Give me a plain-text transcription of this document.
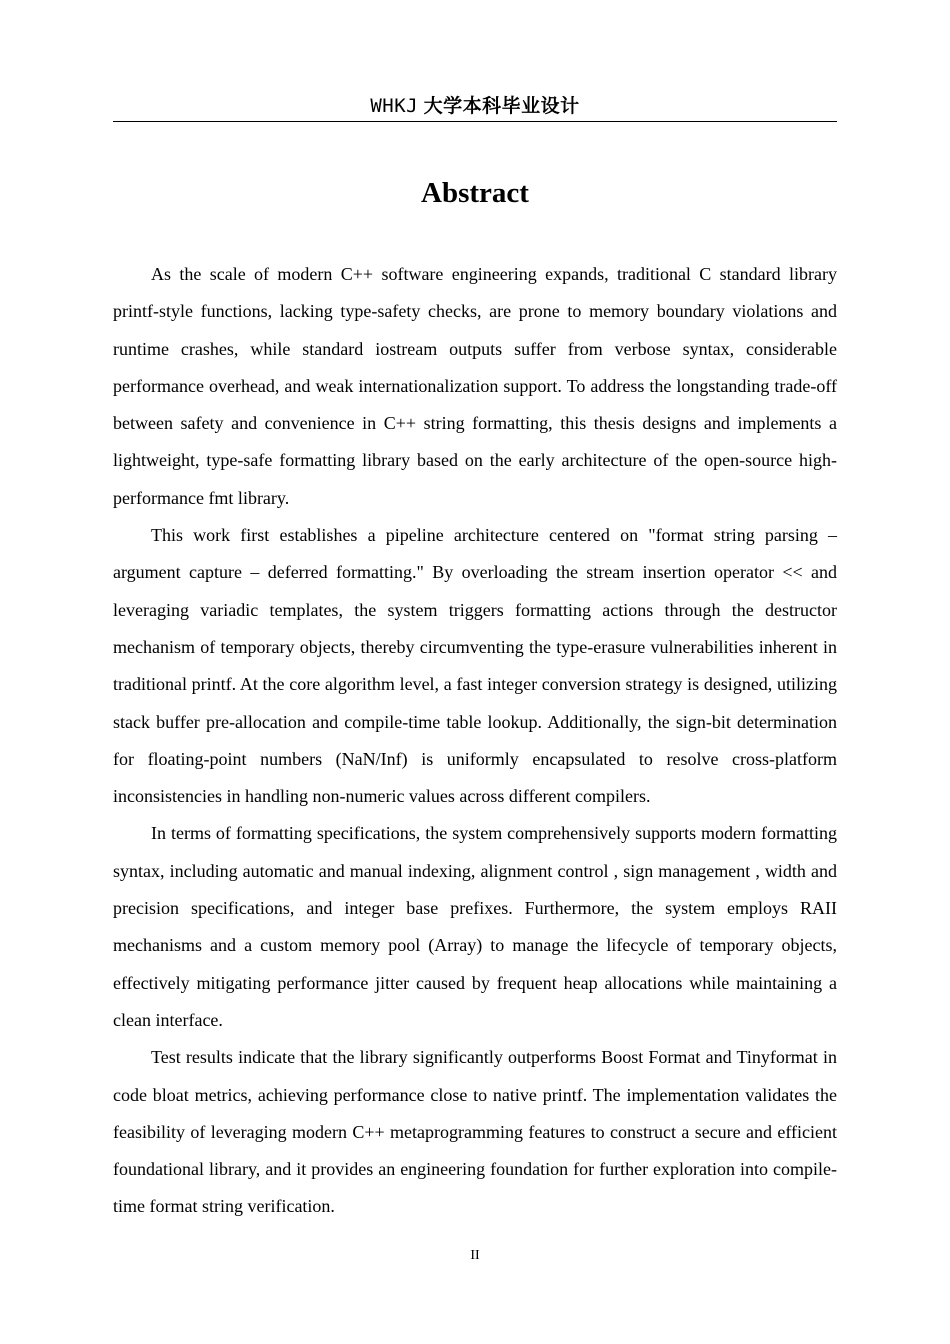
WHKJ 大学本科毕业设计
Abstract

As the scale of modern C++ software engineering expands, traditional C standard library printf-style functions, lacking type-safety checks, are prone to memory boundary violations and runtime crashes, while standard iostream outputs suffer from verbose syntax, considerable performance overhead, and weak internationalization support. To address the longstanding trade-off between safety and convenience in C++ string formatting, this thesis designs and implements a lightweight, type-safe formatting library based on the early architecture of the open-source high-performance fmt library.

This work first establishes a pipeline architecture centered on "format string parsing – argument capture – deferred formatting." By overloading the stream insertion operator << and leveraging variadic templates, the system triggers formatting actions through the destructor mechanism of temporary objects, thereby circumventing the type-erasure vulnerabilities inherent in traditional printf. At the core algorithm level, a fast integer conversion strategy is designed, utilizing stack buffer pre-allocation and compile-time table lookup. Additionally, the sign-bit determination for floating-point numbers (NaN/Inf) is uniformly encapsulated to resolve cross-platform inconsistencies in handling non-numeric values across different compilers.

In terms of formatting specifications, the system comprehensively supports modern formatting syntax, including automatic and manual indexing, alignment control , sign management , width and precision specifications, and integer base prefixes. Furthermore, the system employs RAII mechanisms and a custom memory pool (Array) to manage the lifecycle of temporary objects, effectively mitigating performance jitter caused by frequent heap allocations while maintaining a clean interface.

Test results indicate that the library significantly outperforms Boost Format and Tinyformat in code bloat metrics, achieving performance close to native printf. The implementation validates the feasibility of leveraging modern C++ metaprogramming features to construct a secure and efficient foundational library, and it provides an engineering foundation for further exploration into compile-time format string verification.

II
